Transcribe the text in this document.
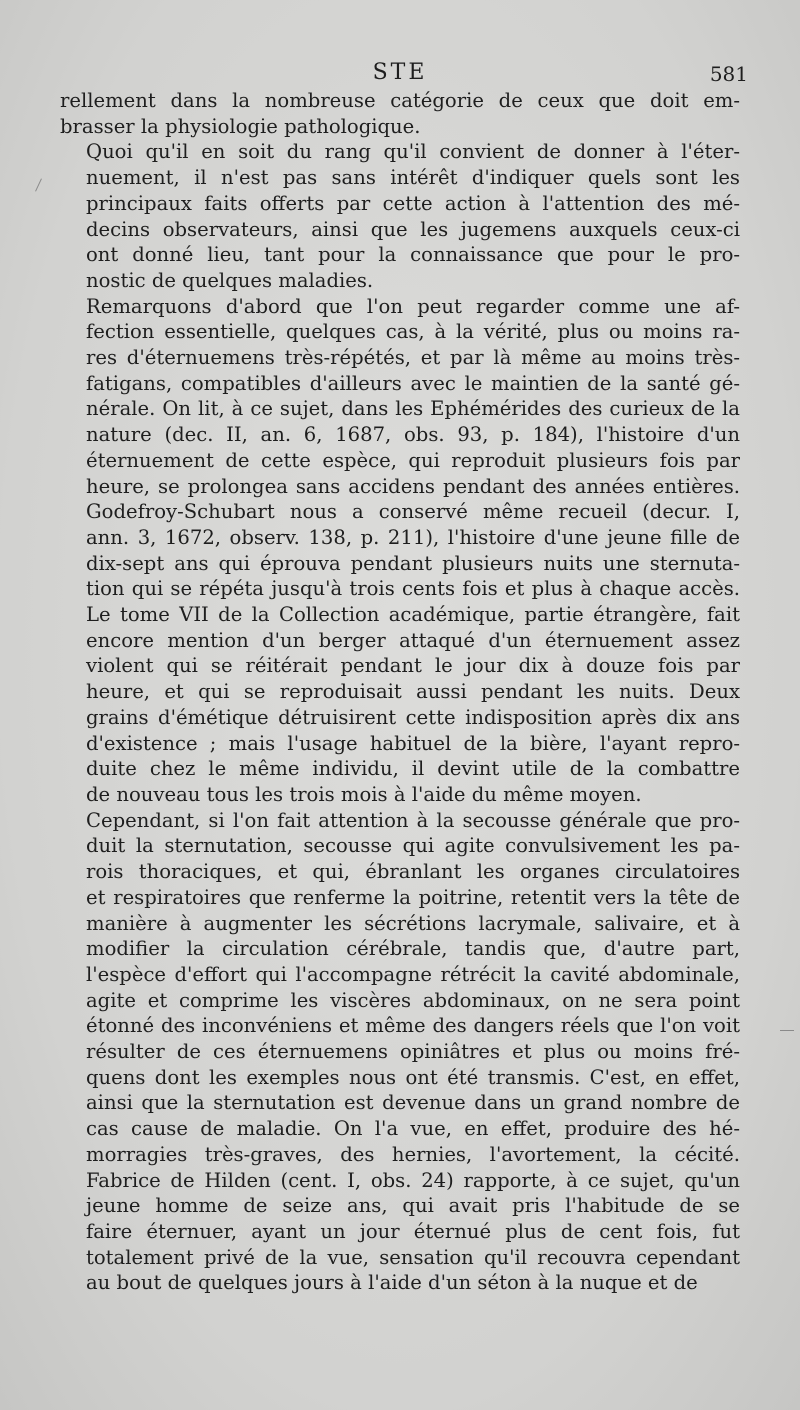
STE	581

rellement dans la nombreuse catégorie de ceux que doit em-
brasser la physiologie pathologique.

Quoi qu'il en soit du rang qu'il convient de donner à l'éter-
nuement, il n'est pas sans intérêt d'indiquer quels sont les
principaux faits offerts par cette action à l'attention des mé-
decins observateurs, ainsi que les jugemens auxquels ceux-ci
ont donné lieu, tant pour la connaissance que pour le pro-
nostic de quelques maladies.

Remarquons d'abord que l'on peut regarder comme une af-
fection essentielle, quelques cas, à la vérité, plus ou moins ra-
res d'éternuemens très-répétés, et par là même au moins très-
fatigans, compatibles d'ailleurs avec le maintien de la santé gé-
nérale. On lit, à ce sujet, dans les Ephémérides des curieux de la
nature (dec. II, an. 6, 1687, obs. 93, p. 184), l'histoire d'un
éternuement de cette espèce, qui reproduit plusieurs fois par
heure, se prolongea sans accidens pendant des années entières.
Godefroy-Schubart nous a conservé même recueil (decur. I,
ann. 3, 1672, observ. 138, p. 211), l'histoire d'une jeune fille de
dix-sept ans qui éprouva pendant plusieurs nuits une sternuta-
tion qui se répéta jusqu'à trois cents fois et plus à chaque accès.
Le tome VII de la Collection académique, partie étrangère, fait
encore mention d'un berger attaqué d'un éternuement assez
violent qui se réitérait pendant le jour dix à douze fois par
heure, et qui se reproduisait aussi pendant les nuits. Deux
grains d'émétique détruisirent cette indisposition après dix ans
d'existence ; mais l'usage habituel de la bière, l'ayant repro-
duite chez le même individu, il devint utile de la combattre
de nouveau tous les trois mois à l'aide du même moyen.

Cependant, si l'on fait attention à la secousse générale que pro-
duit la sternutation, secousse qui agite convulsivement les pa-
rois thoraciques, et qui, ébranlant les organes circulatoires
et respiratoires que renferme la poitrine, retentit vers la tête de
manière à augmenter les sécrétions lacrymale, salivaire, et à
modifier la circulation cérébrale, tandis que, d'autre part,
l'espèce d'effort qui l'accompagne rétrécit la cavité abdominale,
agite et comprime les viscères abdominaux, on ne sera point
étonné des inconvéniens et même des dangers réels que l'on voit
résulter de ces éternuemens opiniâtres et plus ou moins fré-
quens dont les exemples nous ont été transmis. C'est, en effet,
ainsi que la sternutation est devenue dans un grand nombre de
cas cause de maladie. On l'a vue, en effet, produire des hé-
morragies très-graves, des hernies, l'avortement, la cécité.
Fabrice de Hilden (cent. I, obs. 24) rapporte, à ce sujet, qu'un
jeune homme de seize ans, qui avait pris l'habitude de se
faire éternuer, ayant un jour éternué plus de cent fois, fut
totalement privé de la vue, sensation qu'il recouvra cependant
au bout de quelques jours à l'aide d'un séton à la nuque et de
